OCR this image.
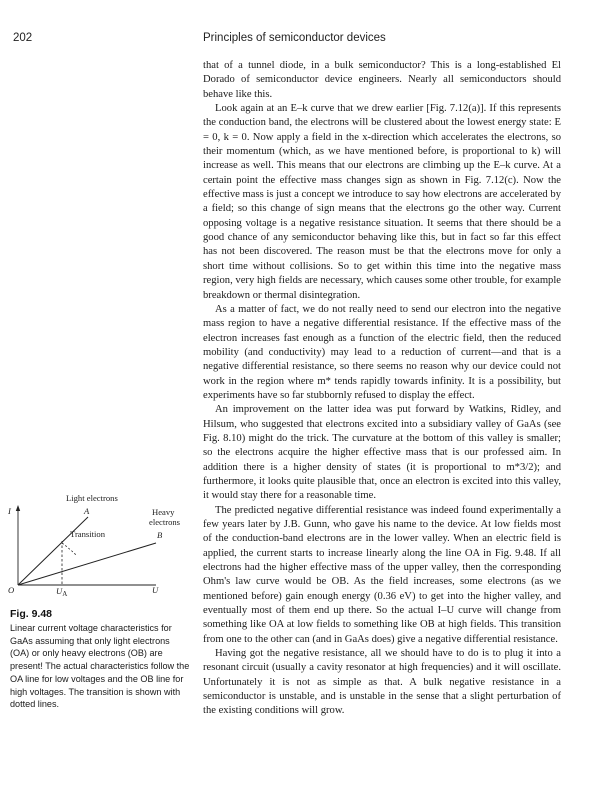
202	Principles of semiconductor devices

that of a tunnel diode, in a bulk semiconductor? This is a long-established El Dorado of semiconductor device engineers. Nearly all semiconductors should behave like this.

Look again at an E–k curve that we drew earlier [Fig. 7.12(a)]. If this represents the conduction band, the electrons will be clustered about the lowest energy state: E = 0, k = 0. Now apply a field in the x-direction which accelerates the electrons, so their momentum (which, as we have mentioned before, is proportional to k) will increase as well. This means that our electrons are climbing up the E–k curve. At a certain point the effective mass changes sign as shown in Fig. 7.12(c). Now the effective mass is just a concept we introduce to say how electrons are accelerated by a field; so this change of sign means that the electrons go the other way. Current opposing voltage is a negative resistance situation. It seems that there should be a good chance of any semiconductor behaving like this, but in fact so far this effect has not been discovered. The reason must be that the electrons move for only a short time without collisions. So to get within this time into the negative mass region, very high fields are necessary, which causes some other trouble, for example breakdown or thermal disintegration.

As a matter of fact, we do not really need to send our electron into the negative mass region to have a negative differential resistance. If the effective mass of the electron increases fast enough as a function of the electric field, then the reduced mobility (and conductivity) may lead to a reduction of current—and that is a negative differential resistance, so there seems no reason why our device could not work in the region where m* tends rapidly towards infinity. It is a possibility, but experiments have so far stubbornly refused to display the effect.

An improvement on the latter idea was put forward by Watkins, Ridley, and Hilsum, who suggested that electrons excited into a subsidiary valley of GaAs (see Fig. 8.10) might do the trick. The curvature at the bottom of this valley is smaller; so the electrons acquire the higher effective mass that is our professed aim. In addition there is a higher density of states (it is proportional to m*3/2); and furthermore, it looks quite plausible that, once an electron is excited into this valley, it would stay there for a reasonable time.

The predicted negative differential resistance was indeed found experimentally a few years later by J.B. Gunn, who gave his name to the device. At low fields most of the conduction-band electrons are in the lower valley. When an electric field is applied, the current starts to increase linearly along the line OA in Fig. 9.48. If all electrons had the higher effective mass of the upper valley, then the corresponding Ohm's law curve would be OB. As the field increases, some electrons (as we mentioned before) gain enough energy (0.36 eV) to get into the higher valley, and eventually most of them end up there. So the actual I–U curve will change from something like OA at low fields to something like OB at high fields. This transition from one to the other can (and in GaAs does) give a negative differential resistance.

Having got the negative resistance, all we should have to do is to plug it into a resonant circuit (usually a cavity resonator at high frequencies) and it will oscillate. Unfortunately it is not as simple as that. A bulk negative resistance in a semiconductor is unstable, and is unstable in the sense that a slight perturbation of the existing conditions will grow.

Light electrons
I	A	Heavy
electrons
Transition	B
O	$U_A$	U
Fig. 9.48
Linear current voltage characteristics for GaAs assuming that only light electrons (OA) or only heavy electrons (OB) are present! The actual characteristics follow the OA line for low voltages and the OB line for high voltages. The transition is shown with dotted lines.
